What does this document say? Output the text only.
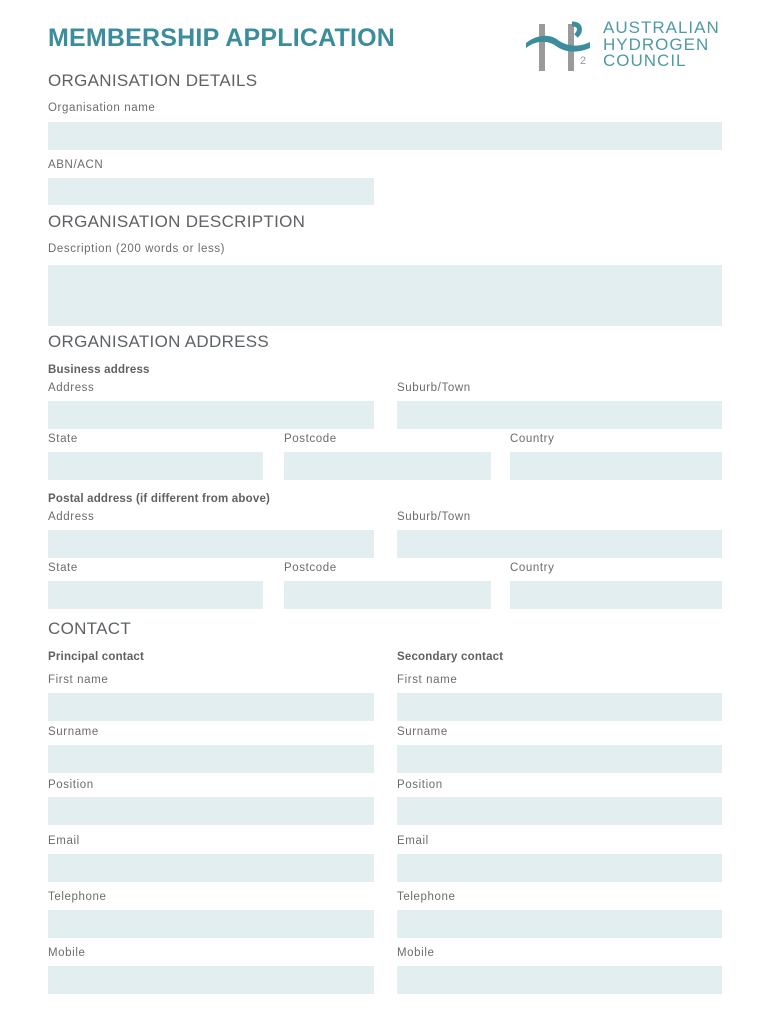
MEMBERSHIP APPLICATION
2
AUSTRALIAN
HYDROGEN
COUNCIL
ORGANISATION DETAILS
Organisation name
ABN/ACN
ORGANISATION DESCRIPTION
Description (200 words or less)
ORGANISATION ADDRESS
Business address
Address	Suburb/Town
State	Postcode	Country
Postal address (if different from above)
Address	Suburb/Town
State	Postcode	Country
CONTACT
Principal contact	Secondary contact
First name	First name
Surname	Surname
Position	Position
Email	Email
Telephone	Telephone
Mobile	Mobile
